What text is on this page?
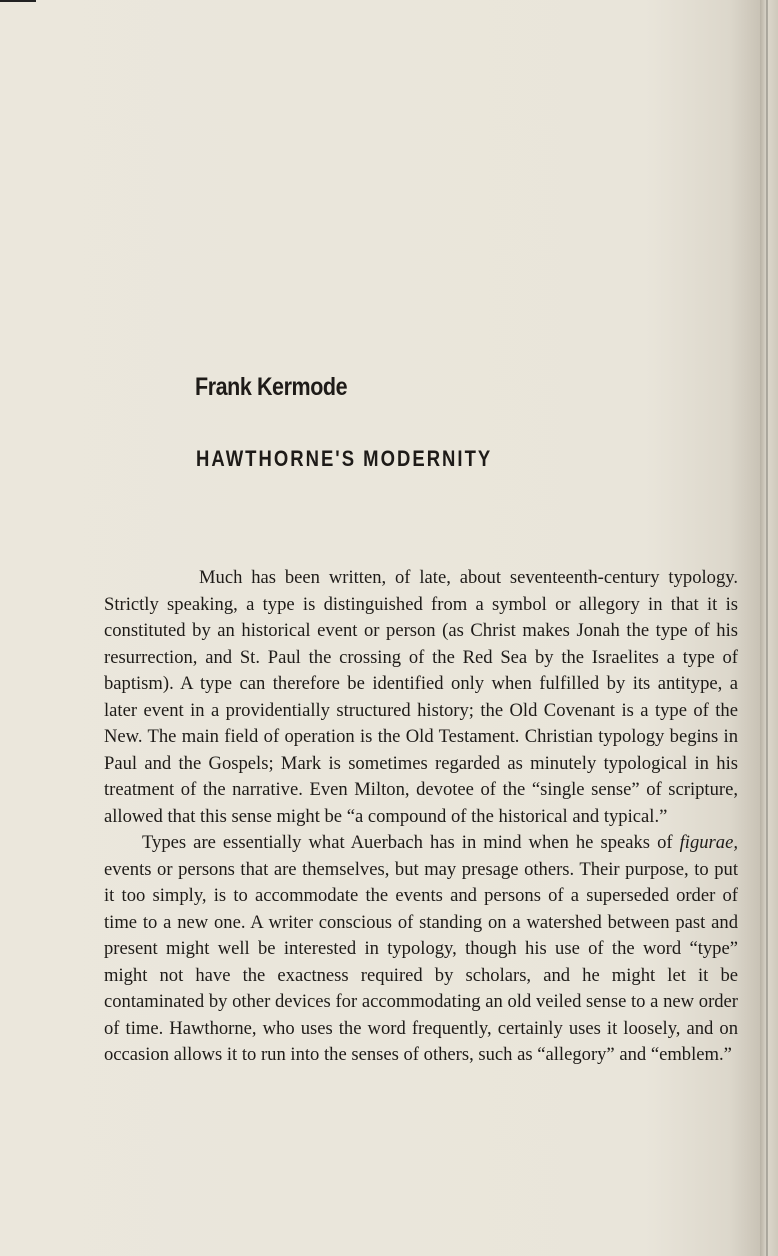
Frank Kermode
HAWTHORNE'S MODERNITY

Much has been written, of late, about seventeenth-century typology. Strictly speaking, a type is distinguished from a symbol or allegory in that it is constituted by an historical event or person (as Christ makes Jonah the type of his resurrection, and St. Paul the crossing of the Red Sea by the Israelites a type of baptism). A type can therefore be identified only when fulfilled by its antitype, a later event in a providentially structured history; the Old Covenant is a type of the New. The main field of operation is the Old Testament. Christian typology begins in Paul and the Gospels; Mark is sometimes regarded as minutely typological in his treatment of the narrative. Even Milton, devotee of the “single sense” of scripture, allowed that this sense might be “a compound of the historical and typical.”

Types are essentially what Auerbach has in mind when he speaks of figurae, events or persons that are themselves, but may presage others. Their purpose, to put it too simply, is to accommodate the events and persons of a superseded order of time to a new one. A writer conscious of standing on a watershed between past and present might well be interested in typology, though his use of the word “type” might not have the exactness required by scholars, and he might let it be contaminated by other devices for accommodating an old veiled sense to a new order of time. Hawthorne, who uses the word frequently, certainly uses it loosely, and on occasion allows it to run into the senses of others, such as “allegory” and “emblem.”
